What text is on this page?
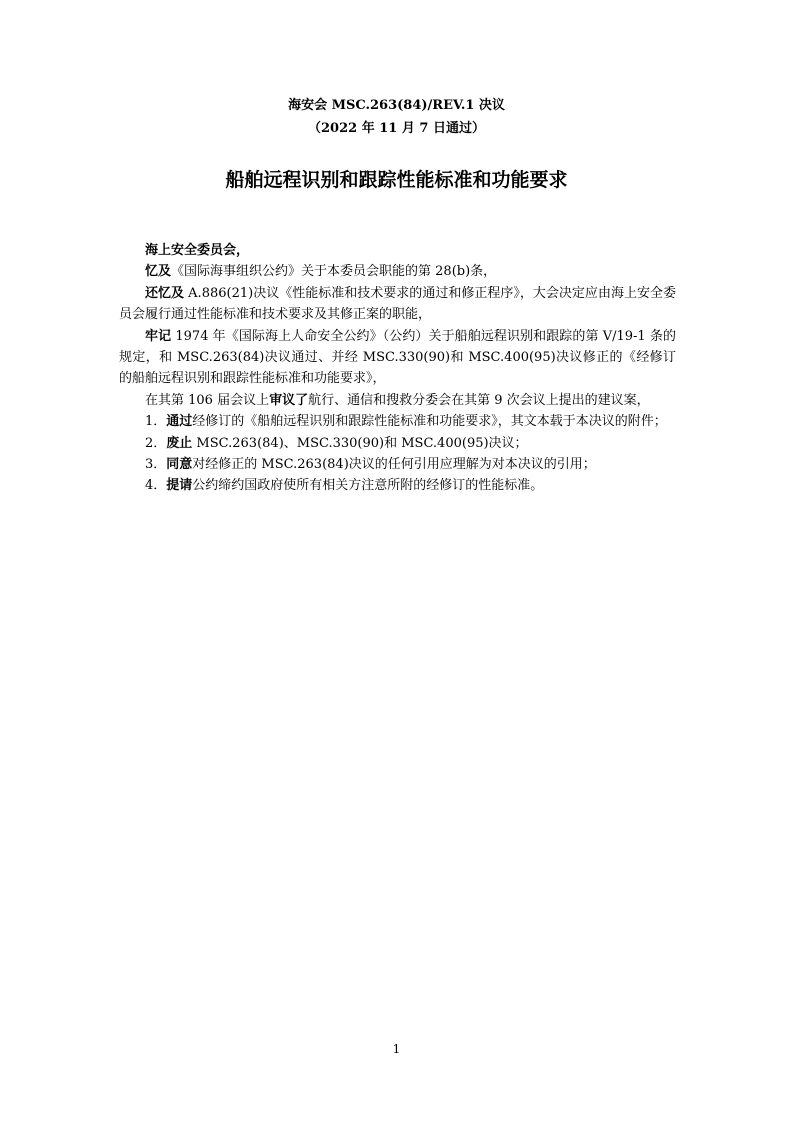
海安会 MSC.263(84)/REV.1 决议
（2022 年 11 月 7 日通过）
船舶远程识别和跟踪性能标准和功能要求

海上安全委员会，

忆及《国际海事组织公约》关于本委员会职能的第 28(b)条，

还忆及 A.886(21)决议《性能标准和技术要求的通过和修正程序》，大会决定应由海上安全委员会履行通过性能标准和技术要求及其修正案的职能，

牢记 1974 年《国际海上人命安全公约》（公约）关于船舶远程识别和跟踪的第 V/19-1 条的规定，和 MSC.263(84)决议通过、并经 MSC.330(90)和 MSC.400(95)决议修正的《经修订的船舶远程识别和跟踪性能标准和功能要求》，

在其第 106 届会议上审议了航行、通信和搜救分委会在其第 9 次会议上提出的建议案，

1．通过经修订的《船舶远程识别和跟踪性能标准和功能要求》，其文本载于本决议的附件；

2．废止 MSC.263(84)、MSC.330(90)和 MSC.400(95)决议；

3．同意对经修正的 MSC.263(84)决议的任何引用应理解为对本决议的引用；

4．提请公约缔约国政府使所有相关方注意所附的经修订的性能标准。

1
